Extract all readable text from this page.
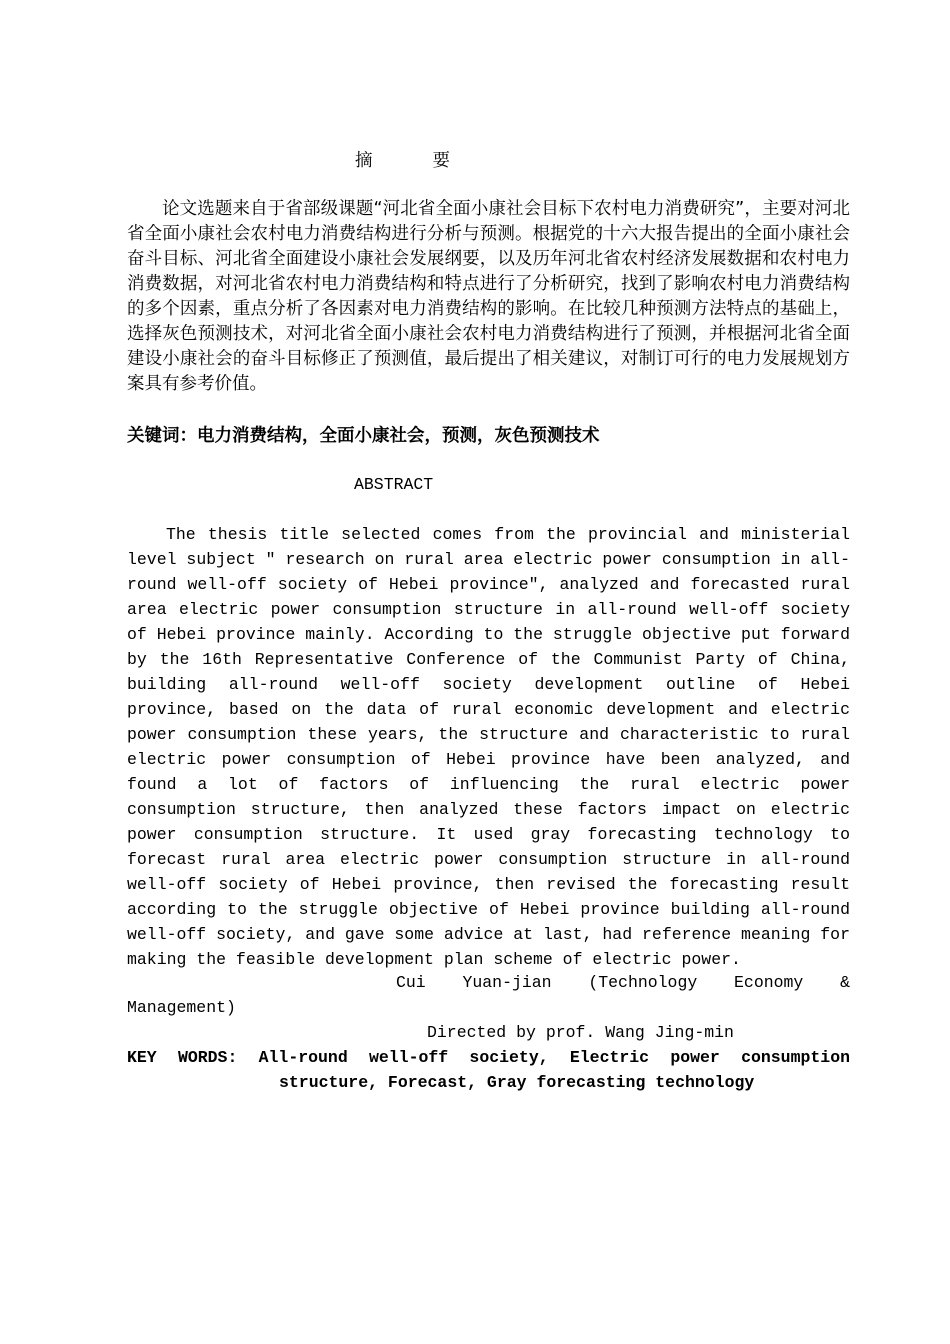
摘要

论文选题来自于省部级课题“河北省全面小康社会目标下农村电力消费研究”，主要对河北省全面小康社会农村电力消费结构进行分析与预测。根据党的十六大报告提出的全面小康社会奋斗目标、河北省全面建设小康社会发展纲要，以及历年河北省农村经济发展数据和农村电力消费数据，对河北省农村电力消费结构和特点进行了分析研究，找到了影响农村电力消费结构的多个因素，重点分析了各因素对电力消费结构的影响。在比较几种预测方法特点的基础上，选择灰色预测技术，对河北省全面小康社会农村电力消费结构进行了预测，并根据河北省全面建设小康社会的奋斗目标修正了预测值，最后提出了相关建议，对制订可行的电力发展规划方案具有参考价值。

关键词：电力消费结构，全面小康社会，预测，灰色预测技术

ABSTRACT

The thesis title selected comes from the provincial and ministerial level subject " research on rural area electric power consumption in all-round well-off society of Hebei province", analyzed and forecasted rural area electric power consumption structure in all-round well-off society of Hebei province mainly. According to the struggle objective put forward by the 16th Representative Conference of the Communist Party of China, building all-round well-off society development outline of Hebei province, based on the data of rural economic development and electric power consumption these years, the structure and characteristic to rural electric power consumption of Hebei province have been analyzed, and found a lot of factors of influencing the rural electric power consumption structure, then analyzed these factors impact on electric power consumption structure. It used gray forecasting technology to forecast rural area electric power consumption structure in all-round well-off society of Hebei province, then revised the forecasting result according to the struggle objective of Hebei province building all-round well-off society, and gave some advice at last, had reference meaning for making the feasible development plan scheme of electric power.

Cui Yuan-jian (Technology Economy &

Management)

Directed by prof. Wang Jing-min

KEY WORDS: All-round well-off society, Electric power consumption
structure, Forecast, Gray forecasting technology
